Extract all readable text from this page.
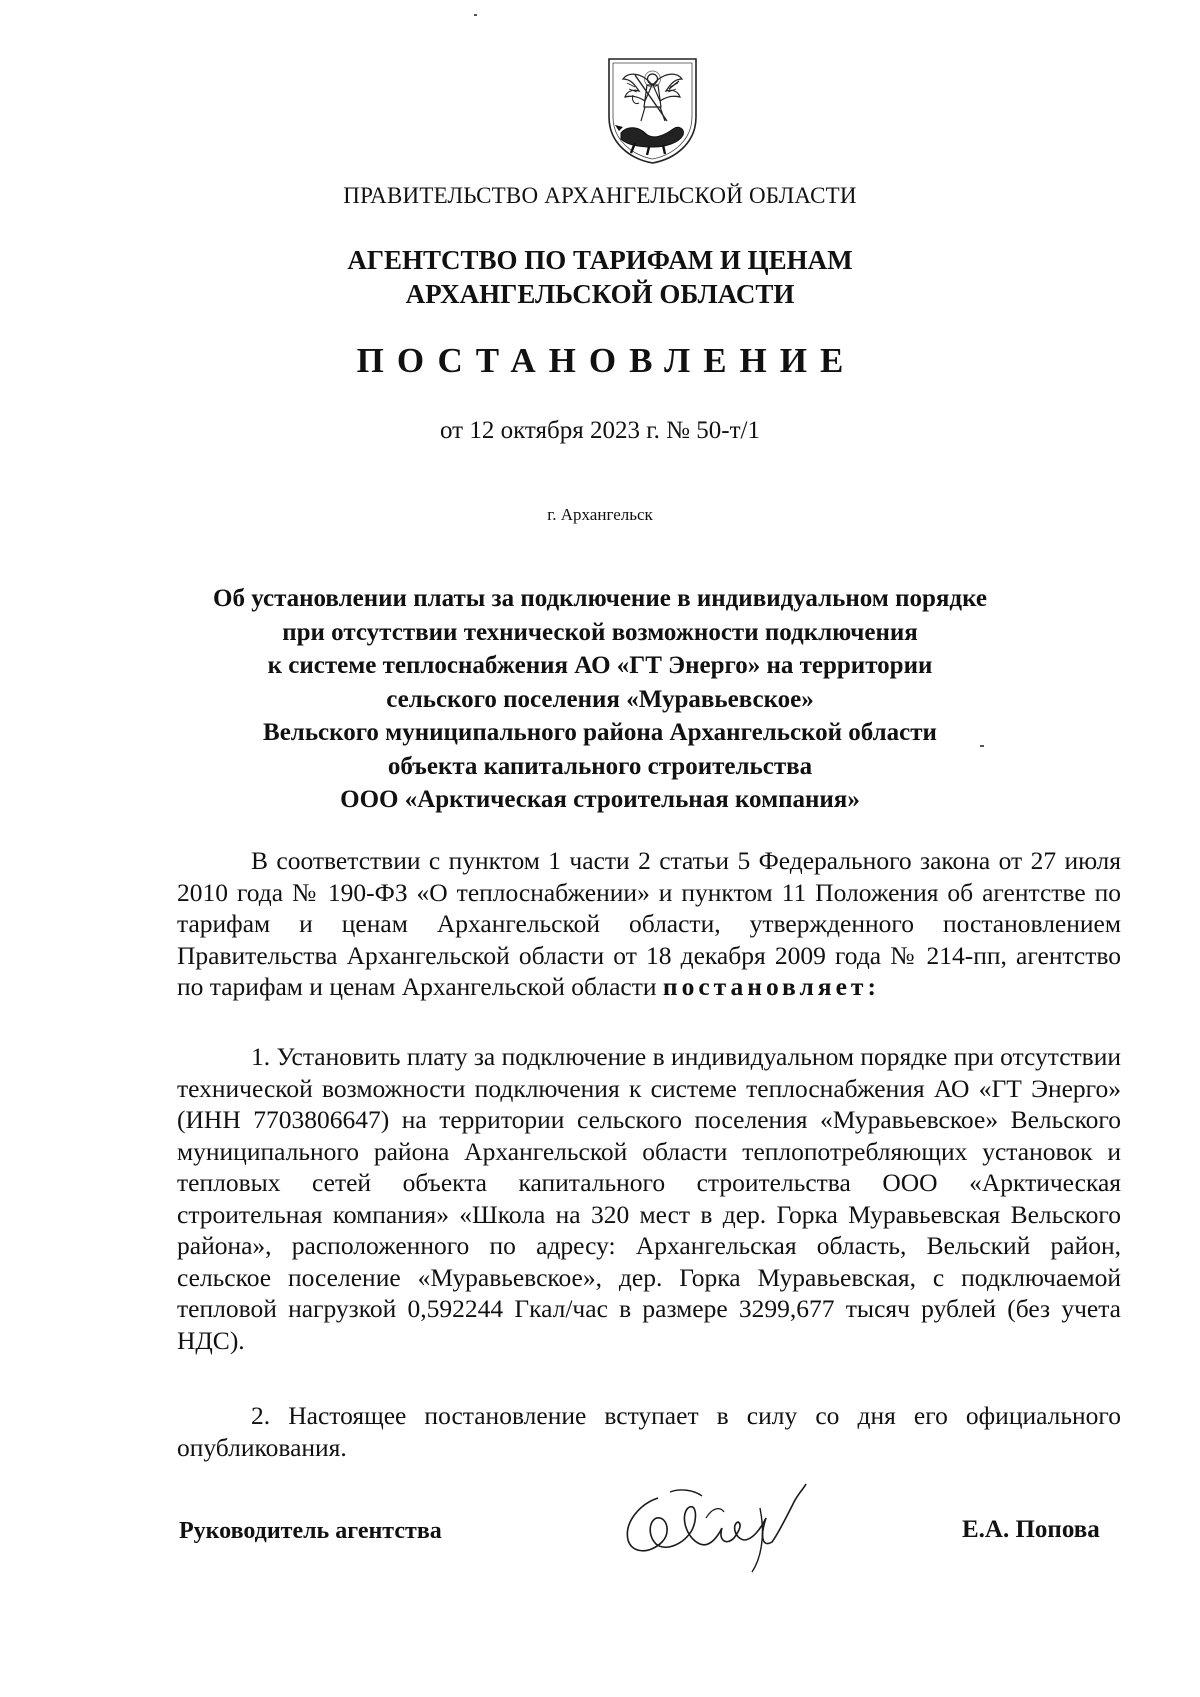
ПРАВИТЕЛЬСТВО АРХАНГЕЛЬСКОЙ ОБЛАСТИ
АГЕНТСТВО ПО ТАРИФАМ И ЦЕНАМ
АРХАНГЕЛЬСКОЙ ОБЛАСТИ
ПОСТАНОВЛЕНИЕ
от 12 октября 2023 г. № 50-т/1
г. Архангельск
Об установлении платы за подключение в индивидуальном порядке
при отсутствии технической возможности подключения
к системе теплоснабжения АО «ГТ Энерго» на территории
сельского поселения «Муравьевское»
Вельского муниципального района Архангельской области
объекта капитального строительства
ООО «Арктическая строительная компания»
В соответствии с пунктом 1 части 2 статьи 5 Федерального закона от 27 июля 2010 года № 190-ФЗ «О теплоснабжении» и пунктом 11 Положения об агентстве по тарифам и ценам Архангельской области, утвержденного постановлением Правительства Архангельской области от 18 декабря 2009 года № 214-пп, агентство по тарифам и ценам Архангельской области постановляет:
1. Установить плату за подключение в индивидуальном порядке при отсутствии технической возможности подключения к системе теплоснабжения АО «ГТ Энерго» (ИНН 7703806647) на территории сельского поселения «Муравьевское» Вельского муниципального района Архангельской области теплопотребляющих установок и тепловых сетей объекта капитального строительства ООО «Арктическая строительная компания» «Школа на 320 мест в дер. Горка Муравьевская Вельского района», расположенного по адресу: Архангельская область, Вельский район, сельское поселение «Муравьевское», дер. Горка Муравьевская, с подключаемой тепловой нагрузкой 0,592244 Гкал/час в размере 3299,677 тысяч рублей (без учета НДС).
2. Настоящее постановление вступает в силу со дня его официального опубликования.
Руководитель агентства	Е.А. Попова
